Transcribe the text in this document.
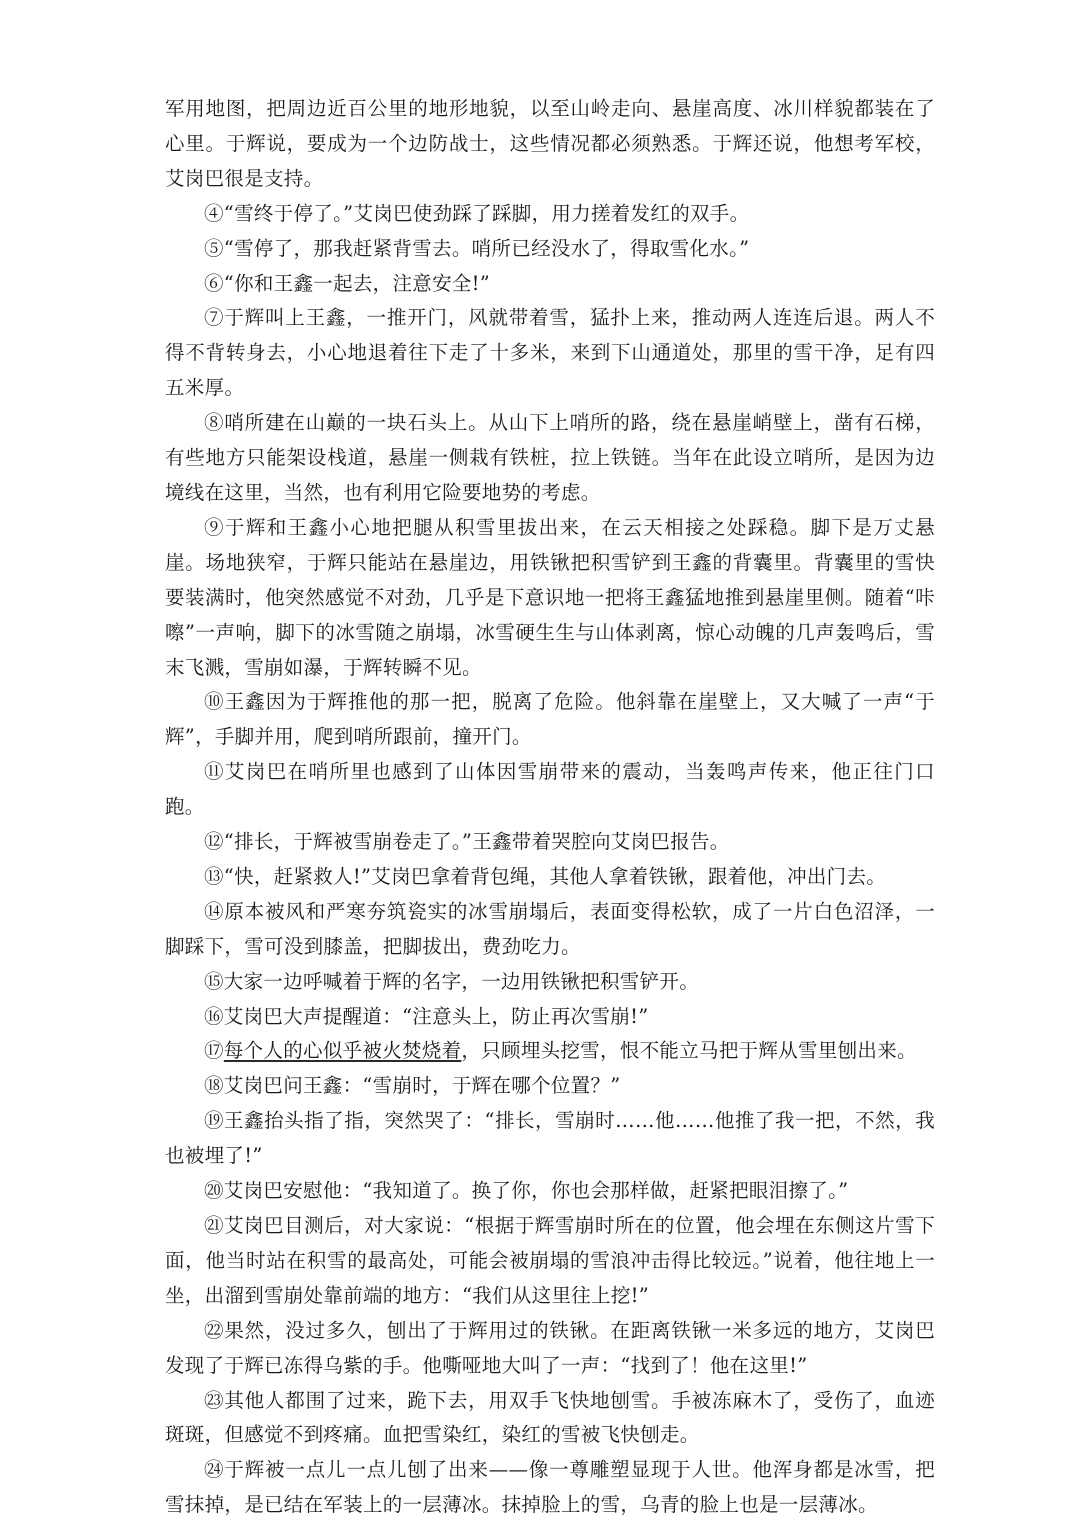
军用地图，把周边近百公里的地形地貌，以至山岭走向、悬崖高度、冰川样貌都装在了心里。于辉说，要成为一个边防战士，这些情况都必须熟悉。于辉还说，他想考军校，艾岗巴很是支持。

④“雪终于停了。”艾岗巴使劲踩了踩脚，用力搓着发红的双手。

⑤“雪停了，那我赶紧背雪去。哨所已经没水了，得取雪化水。”

⑥“你和王鑫一起去，注意安全!”

⑦于辉叫上王鑫，一推开门，风就带着雪，猛扑上来，推动两人连连后退。两人不得不背转身去，小心地退着往下走了十多米，来到下山通道处，那里的雪干净，足有四五米厚。

⑧哨所建在山巅的一块石头上。从山下上哨所的路，绕在悬崖峭壁上，凿有石梯，有些地方只能架设栈道，悬崖一侧栽有铁桩，拉上铁链。当年在此设立哨所，是因为边境线在这里，当然，也有利用它险要地势的考虑。

⑨于辉和王鑫小心地把腿从积雪里拔出来，在云天相接之处踩稳。脚下是万丈悬崖。场地狭窄，于辉只能站在悬崖边，用铁锹把积雪铲到王鑫的背囊里。背囊里的雪快要装满时，他突然感觉不对劲，几乎是下意识地一把将王鑫猛地推到悬崖里侧。随着“咔嚓”一声响，脚下的冰雪随之崩塌，冰雪硬生生与山体剥离，惊心动魄的几声轰鸣后，雪末飞溅，雪崩如瀑，于辉转瞬不见。

⑩王鑫因为于辉推他的那一把，脱离了危险。他斜靠在崖壁上，又大喊了一声“于辉”，手脚并用，爬到哨所跟前，撞开门。

⑪艾岗巴在哨所里也感到了山体因雪崩带来的震动，当轰鸣声传来，他正往门口跑。

⑫“排长，于辉被雪崩卷走了。”王鑫带着哭腔向艾岗巴报告。

⑬“快，赶紧救人!”艾岗巴拿着背包绳，其他人拿着铁锹，跟着他，冲出门去。

⑭原本被风和严寒夯筑瓷实的冰雪崩塌后，表面变得松软，成了一片白色沼泽，一脚踩下，雪可没到膝盖，把脚拔出，费劲吃力。

⑮大家一边呼喊着于辉的名字，一边用铁锹把积雪铲开。

⑯艾岗巴大声提醒道：“注意头上，防止再次雪崩!”

⑰每个人的心似乎被火焚烧着，只顾埋头挖雪，恨不能立马把于辉从雪里刨出来。

⑱艾岗巴问王鑫：“雪崩时，于辉在哪个位置？”

⑲王鑫抬头指了指，突然哭了：“排长，雪崩时……他……他推了我一把，不然，我也被埋了!”

⑳艾岗巴安慰他：“我知道了。换了你，你也会那样做，赶紧把眼泪擦了。”

㉑艾岗巴目测后，对大家说：“根据于辉雪崩时所在的位置，他会埋在东侧这片雪下面，他当时站在积雪的最高处，可能会被崩塌的雪浪冲击得比较远。”说着，他往地上一坐，出溜到雪崩处靠前端的地方：“我们从这里往上挖!”

㉒果然，没过多久，刨出了于辉用过的铁锹。在距离铁锹一米多远的地方，艾岗巴发现了于辉已冻得乌紫的手。他嘶哑地大叫了一声：“找到了！他在这里!”

㉓其他人都围了过来，跪下去，用双手飞快地刨雪。手被冻麻木了，受伤了，血迹斑斑，但感觉不到疼痛。血把雪染红，染红的雪被飞快刨走。

㉔于辉被一点儿一点儿刨了出来——像一尊雕塑显现于人世。他浑身都是冰雪，把雪抹掉，是已结在军装上的一层薄冰。抹掉脸上的雪，乌青的脸上也是一层薄冰。
